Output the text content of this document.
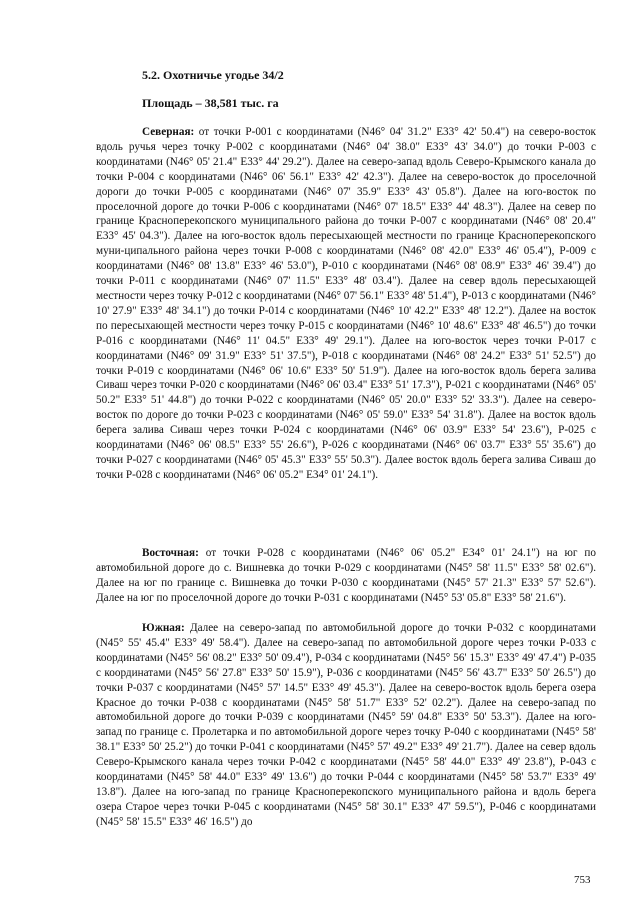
5.2. Охотничье угодье 34/2
Площадь – 38,581 тыс. га

Северная: от точки Р-001 с координатами (N46° 04' 31.2" E33° 42' 50.4") на северо-восток вдоль ручья через точку Р-002 с координатами (N46° 04' 38.0" E33° 43' 34.0") до точки Р-003 с координатами (N46° 05' 21.4" E33° 44' 29.2"). Далее на северо-запад вдоль Северо-Крымского канала до точки Р-004 с координатами (N46° 06' 56.1" E33° 42' 42.3"). Далее на северо-восток до проселочной дороги до точки Р-005 с координатами (N46° 07' 35.9" E33° 43' 05.8"). Далее на юго-восток по проселочной дороге до точки Р-006 с координатами (N46° 07' 18.5" E33° 44' 48.3"). Далее на север по границе Красноперекопского муниципального района до точки Р-007 с координатами (N46° 08' 20.4" E33° 45' 04.3"). Далее на юго-восток вдоль пересыхающей местности по границе Красноперекопского муни-ципального района через точки Р-008 с координатами (N46° 08' 42.0" E33° 46' 05.4"), Р-009 с координатами (N46° 08' 13.8" E33° 46' 53.0"), Р-010 с координатами (N46° 08' 08.9" E33° 46' 39.4") до точки Р-011 с координатами (N46° 07' 11.5" E33° 48' 03.4"). Далее на север вдоль пересыхающей местности через точку Р-012 с координатами (N46° 07' 56.1" E33° 48' 51.4"), Р-013 с координатами (N46° 10' 27.9" E33° 48' 34.1") до точки Р-014 с координатами (N46° 10' 42.2" E33° 48' 12.2"). Далее на восток по пересыхающей местности через точку Р-015 с координатами (N46° 10' 48.6" E33° 48' 46.5") до точки Р-016 с координатами (N46° 11' 04.5" E33° 49' 29.1"). Далее на юго-восток через точки Р-017 с координатами (N46° 09' 31.9" E33° 51' 37.5"), Р-018 с координатами (N46° 08' 24.2" E33° 51' 52.5") до точки Р-019 с координатами (N46° 06' 10.6" E33° 50' 51.9"). Далее на юго-восток вдоль берега залива Сиваш через точки Р-020 с координатами (N46° 06' 03.4" E33° 51' 17.3"), Р-021 с координатами (N46° 05' 50.2" E33° 51' 44.8") до точки Р-022 с координатами (N46° 05' 20.0" E33° 52' 33.3"). Далее на северо-восток по дороге до точки Р-023 с координатами (N46° 05' 59.0" E33° 54' 31.8"). Далее на восток вдоль берега залива Сиваш через точки Р-024 с координатами (N46° 06' 03.9" E33° 54' 23.6"), Р-025 с координатами (N46° 06' 08.5" E33° 55' 26.6"), Р-026 с координатами (N46° 06' 03.7" E33° 55' 35.6") до точки Р-027 с координатами (N46° 05' 45.3" E33° 55' 50.3"). Далее восток вдоль берега залива Сиваш до точки Р-028 с координатами (N46° 06' 05.2" E34° 01' 24.1").

Восточная: от точки Р-028 с координатами (N46° 06' 05.2" E34° 01' 24.1") на юг по автомобильной дороге до с. Вишневка до точки Р-029 с координатами (N45° 58' 11.5" E33° 58' 02.6"). Далее на юг по границе с. Вишневка до точки Р-030 с координатами (N45° 57' 21.3" E33° 57' 52.6"). Далее на юг по проселочной дороге до точки Р-031 с координатами (N45° 53' 05.8" E33° 58' 21.6").

Южная: Далее на северо-запад по автомобильной дороге до точки Р-032 с координатами (N45° 55' 45.4" E33° 49' 58.4"). Далее на северо-запад по автомобильной дороге через точки Р-033 с координатами (N45° 56' 08.2" E33° 50' 09.4"), Р-034 с координатами (N45° 56' 15.3" E33° 49' 47.4") Р-035 с координатами (N45° 56' 27.8" E33° 50' 15.9"), Р-036 с координатами (N45° 56' 43.7" E33° 50' 26.5") до точки Р-037 с координатами (N45° 57' 14.5" E33° 49' 45.3"). Далее на северо-восток вдоль берега озера Красное до точки Р-038 с координатами (N45° 58' 51.7" E33° 52' 02.2"). Далее на северо-запад по автомобильной дороге до точки Р-039 с координатами (N45° 59' 04.8" E33° 50' 53.3"). Далее на юго-запад по границе с. Пролетарка и по автомобильной дороге через точку Р-040 с координатами (N45° 58' 38.1" E33° 50' 25.2") до точки Р-041 с координатами (N45° 57' 49.2" E33° 49' 21.7"). Далее на север вдоль Северо-Крымского канала через точки Р-042 с координатами (N45° 58' 44.0" E33° 49' 23.8"), Р-043 с координатами (N45° 58' 44.0" E33° 49' 13.6") до точки Р-044 с координатами (N45° 58' 53.7" E33° 49' 13.8"). Далее на юго-запад по границе Красноперекопского муниципального района и вдоль берега озера Старое через точки Р-045 с координатами (N45° 58' 30.1" E33° 47' 59.5"), Р-046 с координатами (N45° 58' 15.5" E33° 46' 16.5") до

753
